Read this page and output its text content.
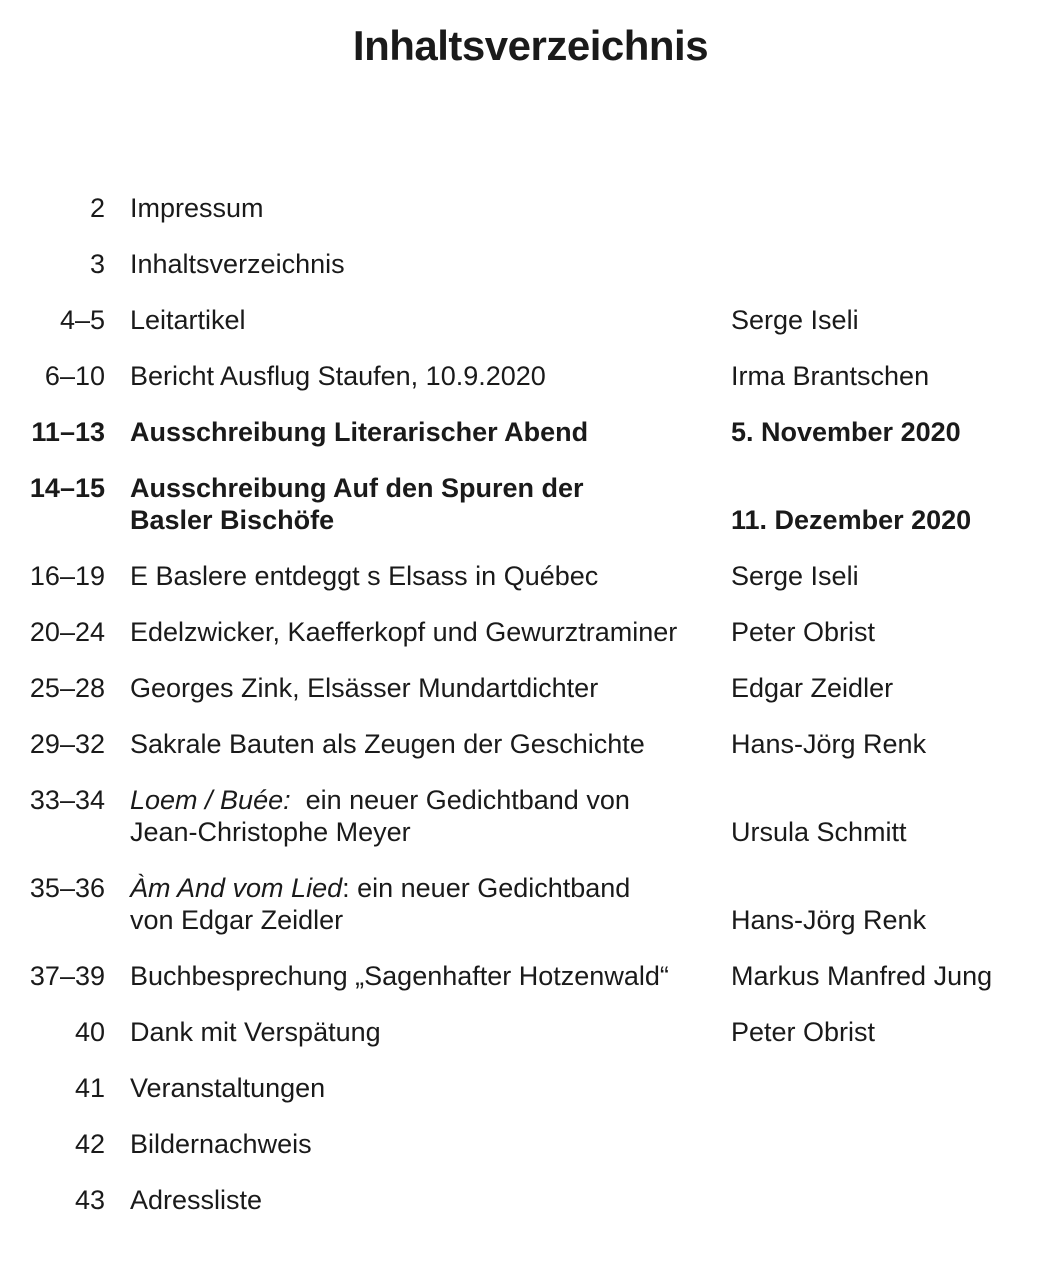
Inhaltsverzeichnis
2 Impressum
3 Inhaltsverzeichnis
4–5 Leitartikel	Serge Iseli
6–10 Bericht Ausflug Staufen, 10.9.2020	Irma Brantschen
11–13 Ausschreibung Literarischer Abend	5. November 2020
14–15 Ausschreibung Auf den Spuren der
Basler Bischöfe	11. Dezember 2020
16–19 E Baslere entdeggt s Elsass in Québec	Serge Iseli
20–24 Edelzwicker, Kaefferkopf und Gewurztraminer	Peter Obrist
25–28 Georges Zink, Elsässer Mundartdichter	Edgar Zeidler
29–32 Sakrale Bauten als Zeugen der Geschichte	Hans-Jörg Renk
33–34 Loem / Buée:  ein neuer Gedichtband von
Jean-Christophe Meyer	Ursula Schmitt
35–36 Àm And vom Lied: ein neuer Gedichtband
von Edgar Zeidler	Hans-Jörg Renk
37–39 Buchbesprechung „Sagenhafter Hotzenwald“	Markus Manfred Jung
40 Dank mit Verspätung	Peter Obrist
41 Veranstaltungen
42 Bildernachweis
43 Adressliste
